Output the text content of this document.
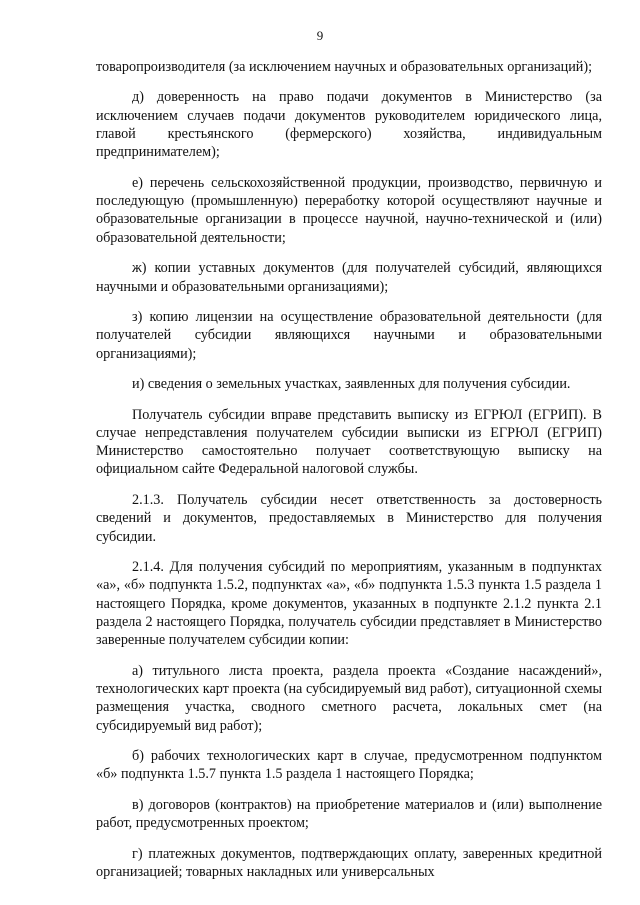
9

товаропроизводителя (за исключением научных и образовательных организаций);

д) доверенность на право подачи документов в Министерство (за исключением случаев подачи документов руководителем юридического лица, главой крестьянского (фермерского) хозяйства, индивидуальным предпринимателем);

е) перечень сельскохозяйственной продукции, производство, первичную и последующую (промышленную) переработку которой осуществляют научные и образовательные организации в процессе научной, научно-технической и (или) образовательной деятельности;

ж) копии уставных документов (для получателей субсидий, являющихся научными и образовательными организациями);

з) копию лицензии на осуществление образовательной деятельности (для получателей субсидии являющихся научными и образовательными организациями);

и) сведения о земельных участках, заявленных для получения субсидии.

Получатель субсидии вправе представить выписку из ЕГРЮЛ (ЕГРИП). В случае непредставления получателем субсидии выписки из ЕГРЮЛ (ЕГРИП) Министерство самостоятельно получает соответствующую выписку на официальном сайте Федеральной налоговой службы.

2.1.3. Получатель субсидии несет ответственность за достоверность сведений и документов, предоставляемых в Министерство для получения субсидии.

2.1.4. Для получения субсидий по мероприятиям, указанным в подпунктах «а», «б» подпункта 1.5.2, подпунктах «а», «б» подпункта 1.5.3 пункта 1.5 раздела 1 настоящего Порядка, кроме документов, указанных в подпункте 2.1.2 пункта 2.1 раздела 2 настоящего Порядка, получатель субсидии представляет в Министерство заверенные получателем субсидии копии:

а) титульного листа проекта, раздела проекта «Создание насаждений», технологических карт проекта (на субсидируемый вид работ), ситуационной схемы размещения участка, сводного сметного расчета, локальных смет (на субсидируемый вид работ);

б) рабочих технологических карт в случае, предусмотренном подпунктом «б» подпункта 1.5.7 пункта 1.5 раздела 1 настоящего Порядка;

в) договоров (контрактов) на приобретение материалов и (или) выполнение работ, предусмотренных проектом;

г) платежных документов, подтверждающих оплату, заверенных кредитной организацией; товарных накладных или универсальных
